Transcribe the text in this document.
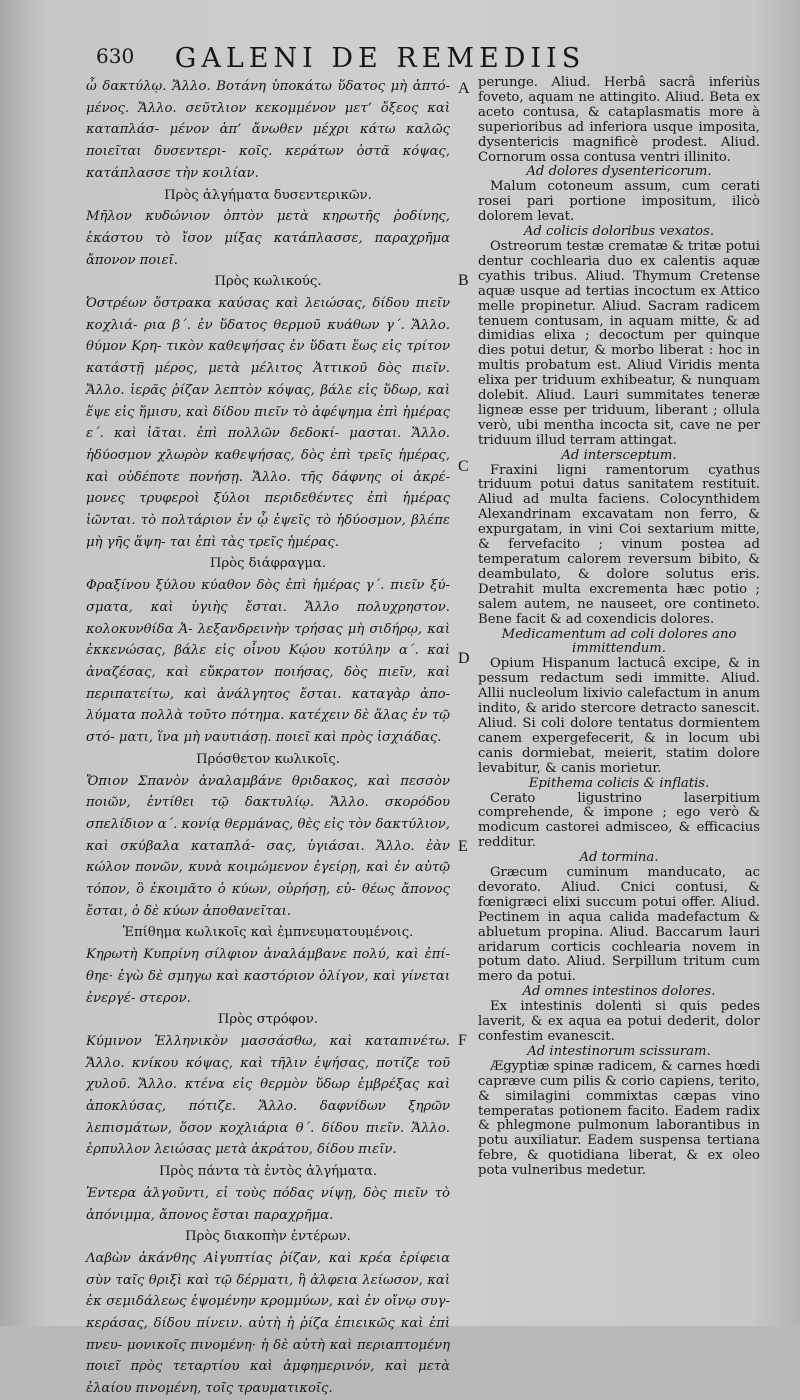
630	GALENI DE REMEDIIS

ὦ δακτύλῳ. Ἄλλο. Βοτάνη ὑποκάτω ὕδατος μὴ ἀπτό- μένος. Ἄλλο. σεῦτλιον κεκομμένον μετ’ ὄξεος καὶ καταπλάσ- μένον ἀπ’ ἄνωθεν μέχρι κάτω καλῶς ποιεῖται δυσεντερι- κοῖς. κεράτων ὀστᾶ κόψας, κατάπλασσε τὴν κοιλίαν.

Πρὸς ἀλγήματα δυσεντερικῶν.

Μῆλον κυδώνιον ὀπτὸν μετὰ κηρωτῆς ῥοδίνης, ἑκάστου τὸ ἴσον μίξας κατάπλασσε, παραχρῆμα ἄπονον ποιεῖ.

Πρὸς κωλικούς.

Ὀστρέων ὄστρακα καύσας καὶ λειώσας, δίδου πιεῖν κοχλιά- ρια β΄. ἐν ὕδατος θερμοῦ κυάθων γ΄. Ἄλλο. θύμον Κρη- τικὸν καθεψήσας ἐν ὕδατι ἕως εἰς τρίτον κατάστῇ μέρος, μετὰ μέλιτος Ἀττικοῦ δὸς πιεῖν. Ἄλλο. ἱερᾶς ῥίζαν λεπτὸν κόψας, βάλε εἰς ὕδωρ, καὶ ἕψε εἰς ἥμισυ, καὶ δίδου πιεῖν τὸ ἀφέψημα ἐπὶ ἡμέρας ε΄. καὶ ἰᾶται. ἐπὶ πολλῶν δεδοκί- μασται. Ἄλλο. ἡδύοσμον χλωρὸν καθεψήσας, δὸς ἐπὶ τρεῖς ἡμέρας, καὶ οὐδέποτε πονήσῃ. Ἄλλο. τῆς δάφνης οἱ ἀκρέ- μονες τρυφεροὶ ξύλοι περιδεθέντες ἐπὶ ἡμέρας ἰῶνται. τὸ πολτάριον ἐν ᾧ ἑψεῖς τὸ ἡδύοσμον, βλέπε μὴ γῆς ἅψη- ται ἐπὶ τὰς τρεῖς ἡμέρας.

Πρὸς διάφραγμα.

Φραξίνου ξύλου κύαθον δὸς ἐπὶ ἡμέρας γ΄. πιεῖν ξύ- σματα, καὶ ὑγιὴς ἔσται. Ἄλλο πολυχρηστον. κολοκυνθίδα Ἀ- λεξανδρεινὴν τρήσας μὴ σιδήρῳ, καὶ ἐκκενώσας, βάλε εἰς οἶνου Κῴου κοτύλην α΄. καὶ ἀναζέσας, καὶ εὔκρατον ποιήσας, δὸς πιεῖν, καὶ περιπατείτω, καὶ ἀνάλγητος ἔσται. καταγὰρ ἀπο- λύματα πολλὰ τοῦτο πότημα. κατέχειν δὲ ἅλας ἐν τῷ στό- ματι, ἵνα μὴ ναυτιάσῃ. ποιεῖ καὶ πρὸς ἰσχιάδας.

Πρόσθετον κωλικοῖς.

Ὄπιον Σπανὸν ἀναλαμβάνε θριδακος, καὶ πεσσὸν ποιῶν, ἐντίθει τῷ δακτυλίῳ. Ἄλλο. σκορόδου σπελίδιον α΄. κονίᾳ θερμάνας, θὲς εἰς τὸν δακτύλιον, καὶ σκύβαλα καταπλά- σας, ὑγιάσαι. Ἄλλο. ἐὰν κώλον πονῶν, κυνὰ κοιμώμενον ἐγείρῃ, καὶ ἐν αὐτῷ τόπον, ὃ ἐκοιμᾶτο ὁ κύων, οὐρήσῃ, εὐ- θέως ἄπονος ἔσται, ὁ δὲ κύων ἀποθανεῖται.

Ἐπίθημα κωλικοῖς καὶ ἐμπνευματουμένοις.

Κηρωτὴ Κυπρίνη σίλφιον ἀναλάμβανε πολύ, καὶ ἐπί- θηε· ἐγὼ δὲ σμηγω καὶ καστόριον ὀλίγον, καὶ γίνεται ἐνεργέ- στερον.

Πρὸς στρόφον.

Κύμινον Ἑλληνικὸν μασσάσθω, καὶ καταπινέτω. Ἄλλο. κνίκου κόψας, καὶ τῆλιν ἑψήσας, ποτίζε τοῦ χυλοῦ. Ἄλλο. κτένα εἰς θερμὸν ὕδωρ ἐμβρέξας καὶ ἀποκλύσας, πότιζε. Ἄλλο. δαφνίδων ξηρῶν λεπισμάτων, ὅσον κοχλιάρια θ΄. δίδου πιεῖν. Ἄλλο. ἑρπυλλον λειώσας μετὰ ἀκράτου, δίδου πιεῖν.

Πρὸς πάντα τὰ ἐντὸς ἀλγήματα.

Ἐντερα ἀλγοῦντι, εἰ τοὺς πόδας νίψῃ, δὸς πιεῖν τὸ ἀπόνιμμα, ἄπονος ἔσται παραχρῆμα.

Πρὸς διακοπὴν ἐντέρων.

Λαβὼν ἀκάνθης Αἰγυπτίας ῥίζαν, καὶ κρέα ἐρίφεια σὺν ταῖς θριξὶ καὶ τῷ δέρματι, ἢ ἀλφεια λείωσον, καὶ ἐκ σεμιδάλεως ἑψομένην κρομμύων, καὶ ἐν οἴνῳ συγ- κεράσας, δίδου πίνειν. αὐτὴ ἡ ῥίζα ἐπιεικῶς καὶ ἐπὶ πνευ- μονικοῖς πινομένη· ἡ δὲ αὐτὴ καὶ περιαπτομένη ποιεῖ πρὸς τεταρτίου καὶ ἀμφημερινόν, καὶ μετὰ ἐλαίου πινομένη, τοῖς τραυματικοῖς.

A
B
C
D
E
F

perunge. Aliud. Herbâ sacrâ inferiùs foveto, aquam ne attingito. Aliud. Beta ex aceto contusa, & cataplasmatis more à superioribus ad inferiora usque imposita, dysentericis magnificè prodest. Aliud. Cornorum ossa contusa ventri illinito.

Ad dolores dysentericorum.

Malum cotoneum assum, cum cerati rosei pari portione impositum, ilicò dolorem levat.

Ad colicis doloribus vexatos.

Ostreorum testæ crematæ & tritæ potui dentur cochlearia duo ex calentis aquæ cyathis tribus. Aliud. Thymum Cretense aquæ usque ad tertias incoctum ex Attico melle propinetur. Aliud. Sacram radicem tenuem contusam, in aquam mitte, & ad dimidias elixa ; decoctum per quinque dies potui detur, & morbo liberat : hoc in multis probatum est. Aliud Viridis menta elixa per triduum exhibeatur, & nunquam dolebit. Aliud. Lauri summitates teneræ ligneæ esse per triduum, liberant ; ollula verò, ubi mentha incocta sit, cave ne per triduum illud terram attingat.

Ad intersceptum.

Fraxini ligni ramentorum cyathus triduum potui datus sanitatem restituit. Aliud ad multa faciens. Colocynthidem Alexandrinam excavatam non ferro, & expurgatam, in vini Coi sextarium mitte, & fervefacito ; vinum postea ad temperatum calorem reversum bibito, & deambulato, & dolore solutus eris. Detrahit multa excrementa hæc potio ; salem autem, ne nauseet, ore contineto. Bene facit & ad coxendicis dolores.

Medicamentum ad coli dolores ano immittendum.

Opium Hispanum lactucâ excipe, & in pessum redactum sedi immitte. Aliud. Allii nucleolum lixivio calefactum in anum indito, & arido stercore detracto sanescit. Aliud. Si coli dolore tentatus dormientem canem expergefecerit, & in locum ubi canis dormiebat, meierit, statim dolore levabitur, & canis morietur.

Epithema colicis & inflatis.

Cerato ligustrino laserpitium comprehende, & impone ; ego verò & modicum castorei admisceo, & efficacius redditur.

Ad tormina.

Græcum cuminum manducato, ac devorato. Aliud. Cnici contusi, & fœnigræci elixi succum potui offer. Aliud. Pectinem in aqua calida madefactum & abluetum propina. Aliud. Baccarum lauri aridarum corticis cochlearia novem in potum dato. Aliud. Serpillum tritum cum mero da potui.

Ad omnes intestinos dolores.

Ex intestinis dolenti si quis pedes laverit, & ex aqua ea potui dederit, dolor confestim evanescit.

Ad intestinorum scissuram.

Ægyptiæ spinæ radicem, & carnes hœdi capræve cum pilis & corio capiens, terito, & similagini commixtas cæpas vino temperatas potionem facito. Eadem radix & phlegmone pulmonum laborantibus in potu auxiliatur. Eadem suspensa tertiana febre, & quotidiana liberat, & ex oleo pota vulneribus medetur.
